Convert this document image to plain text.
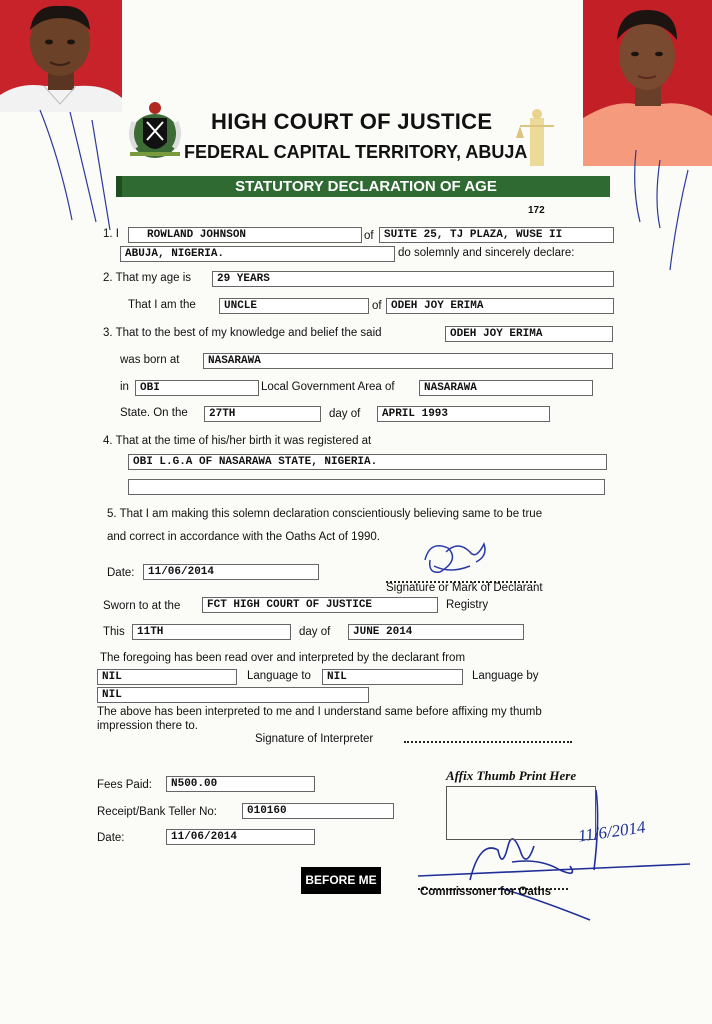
HIGH COURT OF JUSTICE
FEDERAL CAPITAL TERRITORY, ABUJA
STATUTORY DECLARATION OF AGE
172
1. I	ROWLAND JOHNSON	of SUITE 25, TJ PLAZA, WUSE II
ABUJA, NIGERIA.	do solemnly and sincerely declare:
2. That my age is	29 YEARS
That I am the	UNCLE	of ODEH JOY ERIMA
3. That to the best of my knowledge and belief the said	ODEH JOY ERIMA
was born at	NASARAWA
in	OBI	Local Government Area of	NASARAWA
State. On the	27TH	day of	APRIL 1993
4. That at the time of his/her birth it was registered at
OBI L.G.A OF NASARAWA STATE, NIGERIA.
5. That I am making this solemn declaration conscientiously believing same to be true
and correct in accordance with the Oaths Act of 1990.
Date:	11/06/2014
Signature or Mark of Declarant
Sworn to at the	FCT HIGH COURT OF JUSTICE	Registry
This	11TH	day of	JUNE 2014
The foregoing has been read over and interpreted by the declarant from
NIL	Language to	NIL	Language by
NIL
The above has been interpreted to me and I understand same before affixing my thumb
impression there to.
Signature of Interpreter
Fees Paid:	N500.00
Receipt/Bank Teller No:	010160
Date:	11/06/2014
Affix Thumb Print Here
11/6/2014
BEFORE ME
Commissoner for Oaths
